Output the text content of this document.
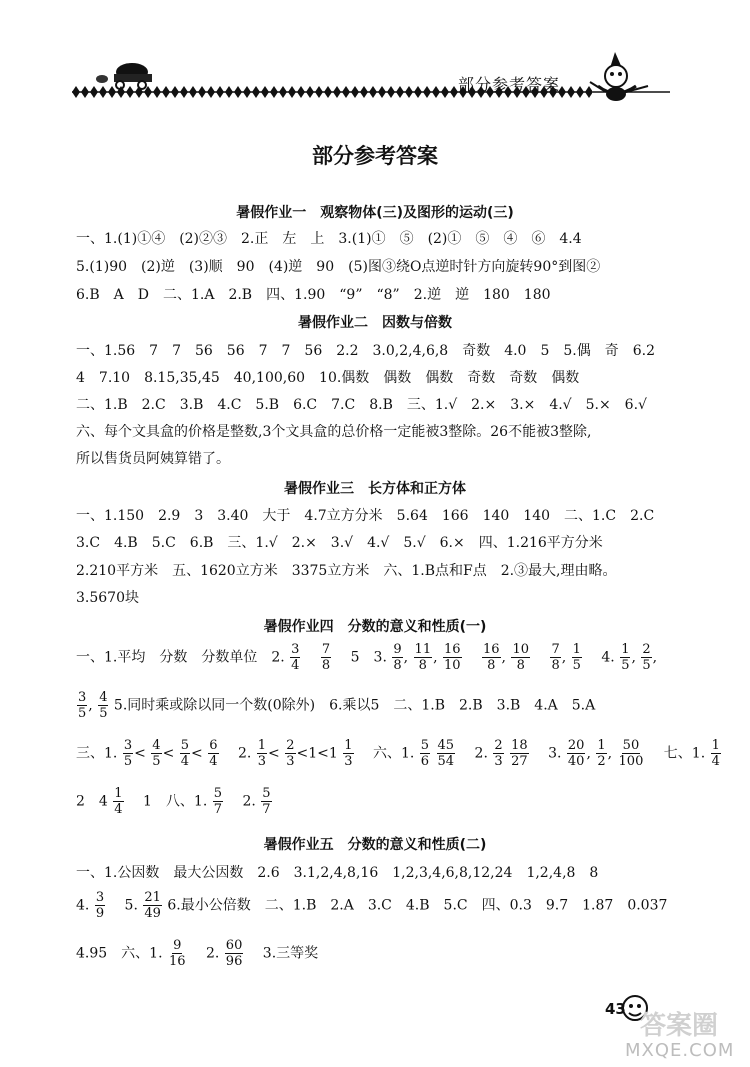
部分参考答案
部分参考答案
暑假作业一　观察物体(三)及图形的运动(三)
一、1.(1)①④　(2)②③　2.正　左　上　3.(1)①　⑤　(2)①　⑤　④　⑥　4.4
5.(1)90　(2)逆　(3)顺　90　(4)逆　90　(5)图③绕O点逆时针方向旋转90°到图②
6.B　A　D　二、1.A　2.B　四、1.90　“9”　“8”　2.逆　逆　180　180
暑假作业二　因数与倍数
一、1.56　7　7　56　56　7　7　56　2.2　3.0,2,4,6,8　奇数　4.0　5　5.偶　奇　6.2
4　7.10　8.15,35,45　40,100,60　10.偶数　偶数　偶数　奇数　奇数　偶数
二、1.B　2.C　3.B　4.C　5.B　6.C　7.C　8.B　三、1.√　2.×　3.×　4.√　5.×　6.√
六、每个文具盒的价格是整数,3个文具盒的总价格一定能被3整除。26不能被3整除,
所以售货员阿姨算错了。
暑假作业三　长方体和正方体
一、1.150　2.9　3　3.40　大于　4.7立方分米　5.64　166　140　140　二、1.C　2.C
3.C　4.B　5.C　6.B　三、1.√　2.×　3.√　4.√　5.√　6.×　四、1.216平方分米
2.210平方米　五、1620立方米　3375立方米　六、1.B点和F点　2.③最大,理由略。
3.5670块
暑假作业四　分数的意义和性质(一)
一、1.平均　分数　分数单位　2. $\frac{3}{4}$
　 $\frac{7}{8}$
　 5　3. $\frac{9}{8}$ , $\frac{11}{8}$ , $\frac{16}{10}$
　 $\frac{16}{8}$ , $\frac{10}{8}$
　 $\frac{7}{8}$ , $\frac{1}{5}$ 　4. $\frac{1}{5}$ , $\frac{2}{5}$ ,
$\frac{3}{5}$ , $\frac{4}{5} 5$.同时乘或除以同一个数(0除外)　6.乘以5　二、1.B　2.B　3.B　4.A　5.A
三、1. $\frac{3}{5} < \frac{4}{5} < \frac{5}{4} < \frac{6}{4}$ 　2. $\frac{1}{3} < \frac{2}{3} <1<1 \frac{1}{3}$ 　六、1. $\frac{5}{6}$
$\frac{45}{54}$ 　2. $\frac{2}{3}$
$\frac{18}{27}$ 　3. $\frac{20}{40}$ , $\frac{1}{2}$ , $\frac{50}{100}$ 　七、1. $\frac{1}{4}$
2　$4 \frac{1}{4}$
　 1　八、1. $\frac{5}{7}$ 　2. $\frac{5}{7}$
暑假作业五　分数的意义和性质(二)
一、1.公因数　最大公因数　2.6　3.1,2,4,8,16　1,2,3,4,6,8,12,24　1,2,4,8　8
4. $\frac{3}{9}$
　 5. $\frac{21}{49} 6$.最小公倍数　二、1.B　2.A　3.C　4.B　5.C　四、0.3　9.7　1.87　0.037
4.95　六、1. $\frac{9}{16}$ 　2. $\frac{60}{96}$ 　3.三等奖
43
答案圈
MXQE.COM
